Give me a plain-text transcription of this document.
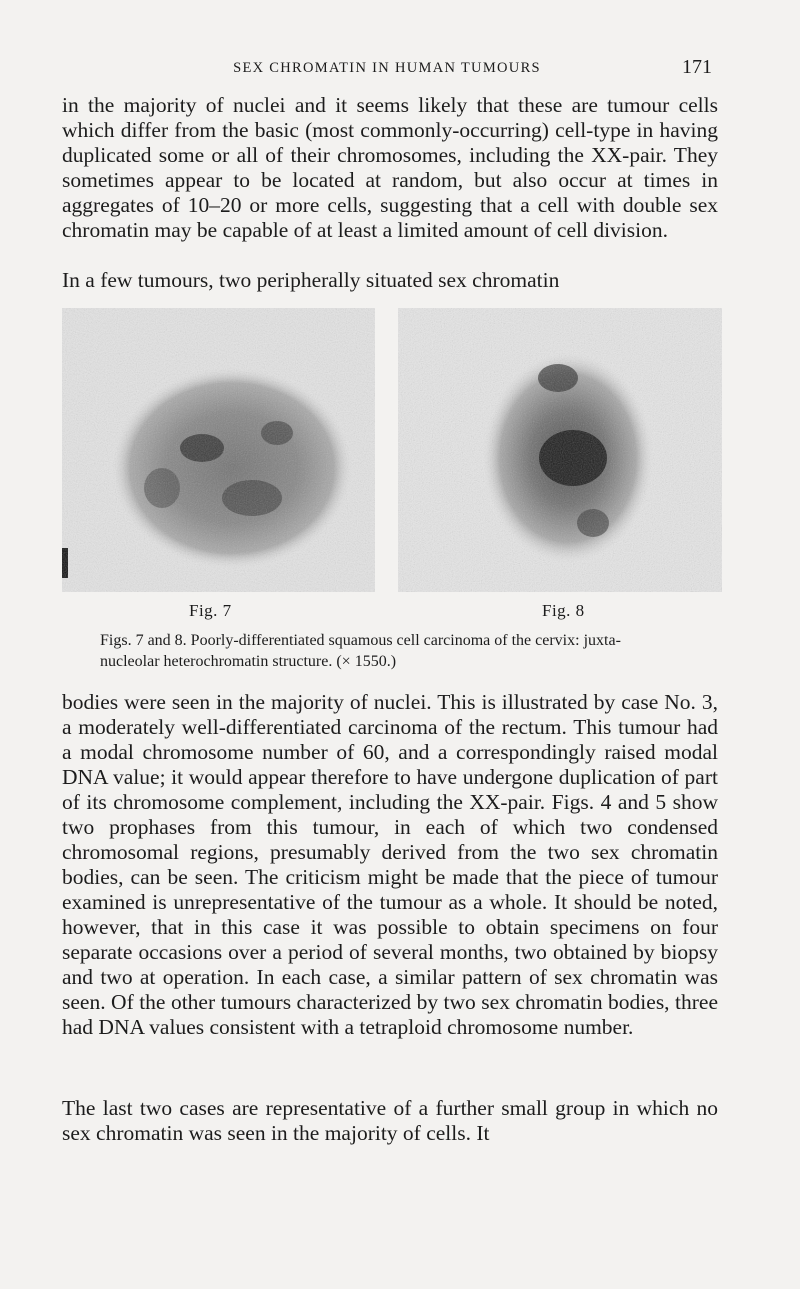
SEX CHROMATIN IN HUMAN TUMOURS	171

in the majority of nuclei and it seems likely that these are tumour cells which differ from the basic (most commonly-occurring) cell-type in having duplicated some or all of their chromosomes, including the XX-pair. They sometimes appear to be located at random, but also occur at times in aggregates of 10–20 or more cells, suggesting that a cell with double sex chromatin may be capable of at least a limited amount of cell division.

In a few tumours, two peripherally situated sex chromatin

Fig. 7	Fig. 8
Figs. 7 and 8. Poorly-differentiated squamous cell carcinoma of the cervix: juxta-nucleolar heterochromatin structure. (× 1550.)

bodies were seen in the majority of nuclei. This is illustrated by case No. 3, a moderately well-differentiated carcinoma of the rectum. This tumour had a modal chromosome number of 60, and a correspondingly raised modal DNA value; it would appear therefore to have undergone duplication of part of its chromosome complement, including the XX-pair. Figs. 4 and 5 show two prophases from this tumour, in each of which two condensed chromosomal regions, presumably derived from the two sex chromatin bodies, can be seen. The criticism might be made that the piece of tumour examined is unrepresentative of the tumour as a whole. It should be noted, however, that in this case it was possible to obtain specimens on four separate occasions over a period of several months, two obtained by biopsy and two at operation. In each case, a similar pattern of sex chromatin was seen. Of the other tumours characterized by two sex chromatin bodies, three had DNA values consistent with a tetraploid chromosome number.

The last two cases are representative of a further small group in which no sex chromatin was seen in the majority of cells. It
